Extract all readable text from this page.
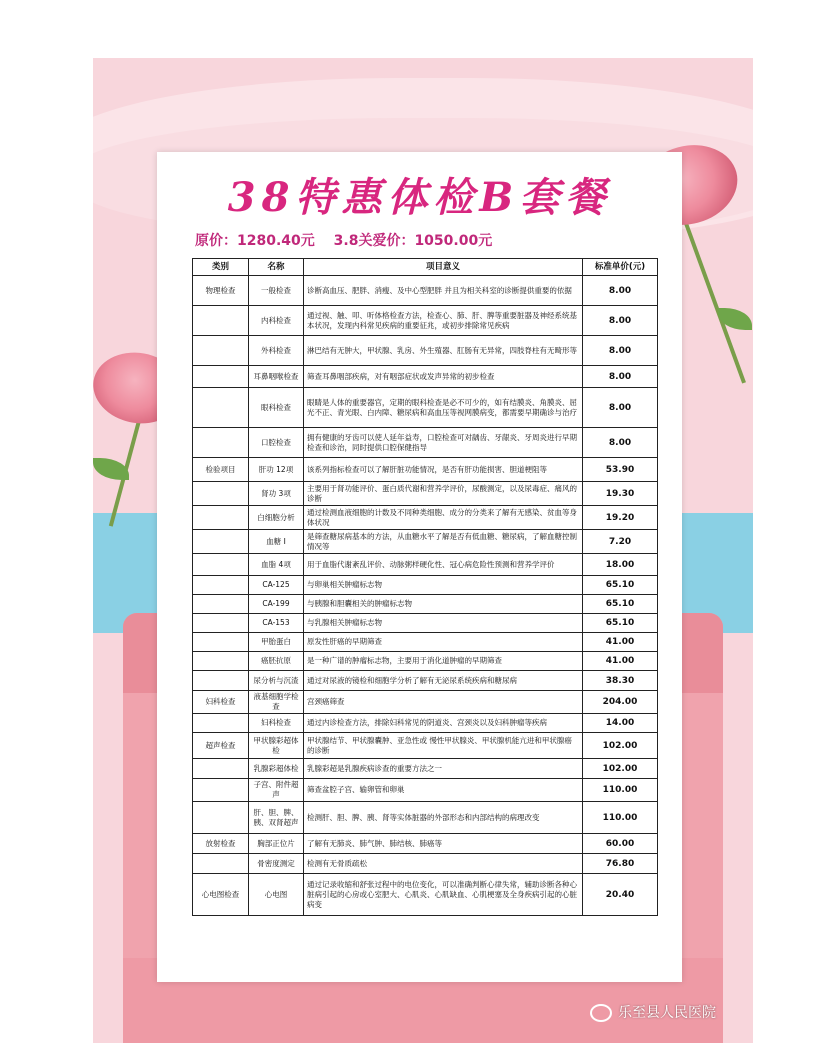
38特惠体检B套餐
原价：1280.40元 3.8关爱价：1050.00元
类别	名称	项目意义	标准单价(元)
物理检查	一般检查	诊断高血压、肥胖、消瘦、及中心型肥胖 并且为相关科室的诊断提供重要的依据	8.00
	内科检查	通过视、触、叩、听体格检查方法，检查心、肺、肝、脾等重要脏器及神经系统基本状况，发现内科常见疾病的重要征兆，或初步排除常见疾病	8.00
	外科检查	淋巴结有无肿大，甲状腺、乳房、外生殖器、肛肠有无异常，四肢脊柱有无畸形等	8.00
	耳鼻咽喉检查	筛查耳鼻咽部疾病，对有咽部症状或发声异常的初步检查	8.00
	眼科检查	眼睛是人体的重要器官，定期的眼科检查是必不可少的，如有结膜炎、角膜炎、屈光不正、青光眼、白内障、糖尿病和高血压等视网膜病变，都需要早期确诊与治疗	8.00
	口腔检查	拥有健康的牙齿可以使人延年益寿，口腔检查可对龋齿、牙龈炎、牙周炎进行早期检查和诊治，同时提供口腔保健指导	8.00
检验项目	肝功 12项	该系列指标检查可以了解肝脏功能情况，是否有肝功能损害、胆道梗阻等	53.90
	肾功 3项	主要用于肾功能评价、蛋白质代谢和营养学评价，尿酸测定，以及尿毒症、痛风的诊断	19.30
	白细胞分析	通过检测血液细胞的计数及不同种类细胞、成分的分类来了解有无感染、贫血等身体状况	19.20
	血糖 I	是筛查糖尿病基本的方法，从血糖水平了解是否有低血糖、糖尿病，了解血糖控制情况等	7.20
	血脂 4项	用于血脂代谢紊乱评价、动脉粥样硬化性、冠心病危险性预测和营养学评价	18.00
	CA-125	与卵巢相关肿瘤标志物	65.10
	CA-199	与胰腺和胆囊相关的肿瘤标志物	65.10
	CA-153	与乳腺相关肿瘤标志物	65.10
	甲胎蛋白	原发性肝癌的早期筛查	41.00
	癌胚抗原	是一种广谱的肿瘤标志物，主要用于消化道肿瘤的早期筛查	41.00
	尿分析与沉渣	通过对尿液的镜检和细胞学分析了解有无泌尿系统疾病和糖尿病	38.30
妇科检查	液基细胞学检查	宫颈癌筛查	204.00
	妇科检查	通过内诊检查方法，排除妇科常见的阴道炎、宫颈炎以及妇科肿瘤等疾病	14.00
超声检查	甲状腺彩超体检	甲状腺结节、甲状腺囊肿、亚急性或 慢性甲状腺炎、甲状腺机能亢进和甲状腺癌的诊断	102.00
	乳腺彩超体检	乳腺彩超是乳腺疾病诊查的重要方法之一	102.00
	子宫、附件超声	筛查盆腔子宫、输卵管和卵巢	110.00
	肝、胆、脾、胰、双肾超声	检测肝、胆、脾、胰、肾等实体脏器的外部形态和内部结构的病理改变	110.00
放射检查	胸部正位片	了解有无肺炎、肺气肿、肺结核、肺癌等	60.00
	骨密度测定	检测有无骨质疏松	76.80
心电图检查	心电图	通过记录收缩和舒张过程中的电位变化，可以准确判断心律失常，辅助诊断各种心脏病引起的心房或心室肥大、心肌炎、心肌缺血、心肌梗塞及全身疾病引起的心脏病变	20.40
乐至县人民医院
